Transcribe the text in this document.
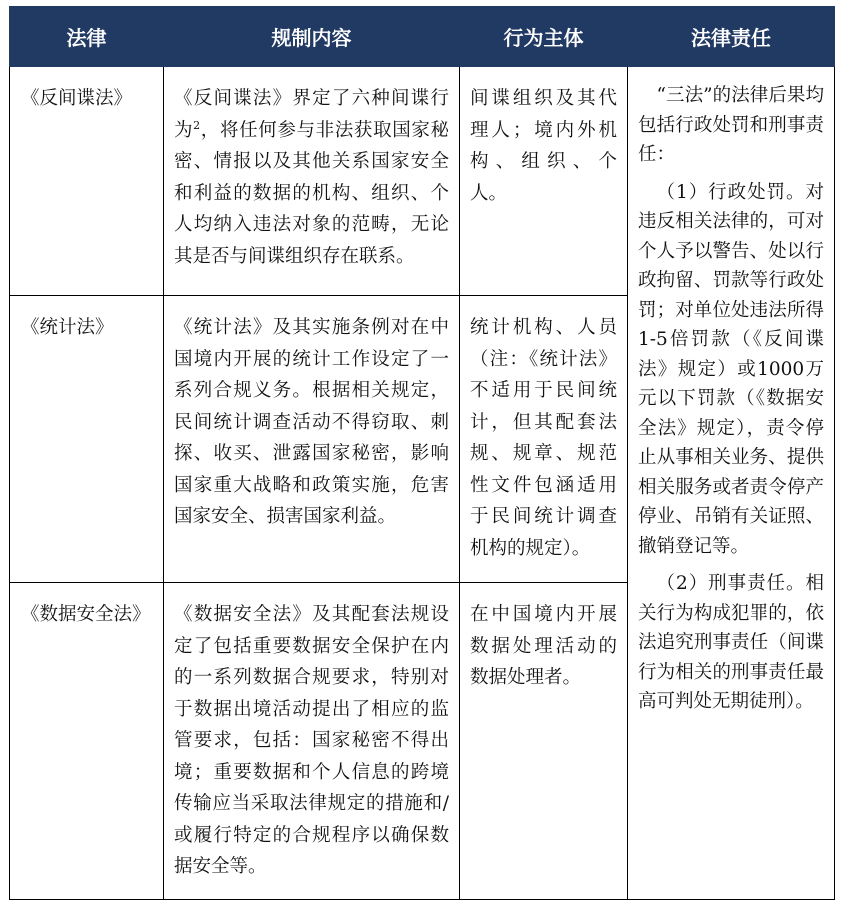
法律	规制内容	行为主体	法律责任
《反间谍法》	《反间谍法》界定了六种间谍行为$^2$，将任何参与非法获取国家秘密、情报以及其他关系国家安全和利益的数据的机构、组织、个人均纳入违法对象的范畴，无论其是否与间谍组织存在联系。	间谍组织及其代理人；境内外机构、组织、个人。	“三法”的法律后果均包括行政处罚和刑事责任：

（1）行政处罚。对违反相关法律的，可对个人予以警告、处以行政拘留、罚款等行政处罚；对单位处违法所得1-5倍罚款（《反间谍法》规定）或1000万元以下罚款（《数据安全法》规定），责令停止从事相关业务、提供相关服务或者责令停产停业、吊销有关证照、撤销登记等。

（2）刑事责任。相关行为构成犯罪的，依法追究刑事责任（间谍行为相关的刑事责任最高可判处无期徒刑）。

《统计法》	《统计法》及其实施条例对在中国境内开展的统计工作设定了一系列合规义务。根据相关规定，民间统计调查活动不得窃取、刺探、收买、泄露国家秘密，影响国家重大战略和政策实施，危害国家安全、损害国家利益。	统计机构、人员（注：《统计法》不适用于民间统计，但其配套法规、规章、规范性文件包涵适用于民间统计调查机构的规定）。	
《数据安全法》	《数据安全法》及其配套法规设定了包括重要数据安全保护在内的一系列数据合规要求，特别对于数据出境活动提出了相应的监管要求，包括：国家秘密不得出境；重要数据和个人信息的跨境传输应当采取法律规定的措施和/或履行特定的合规程序以确保数据安全等。	在中国境内开展数据处理活动的数据处理者。	
